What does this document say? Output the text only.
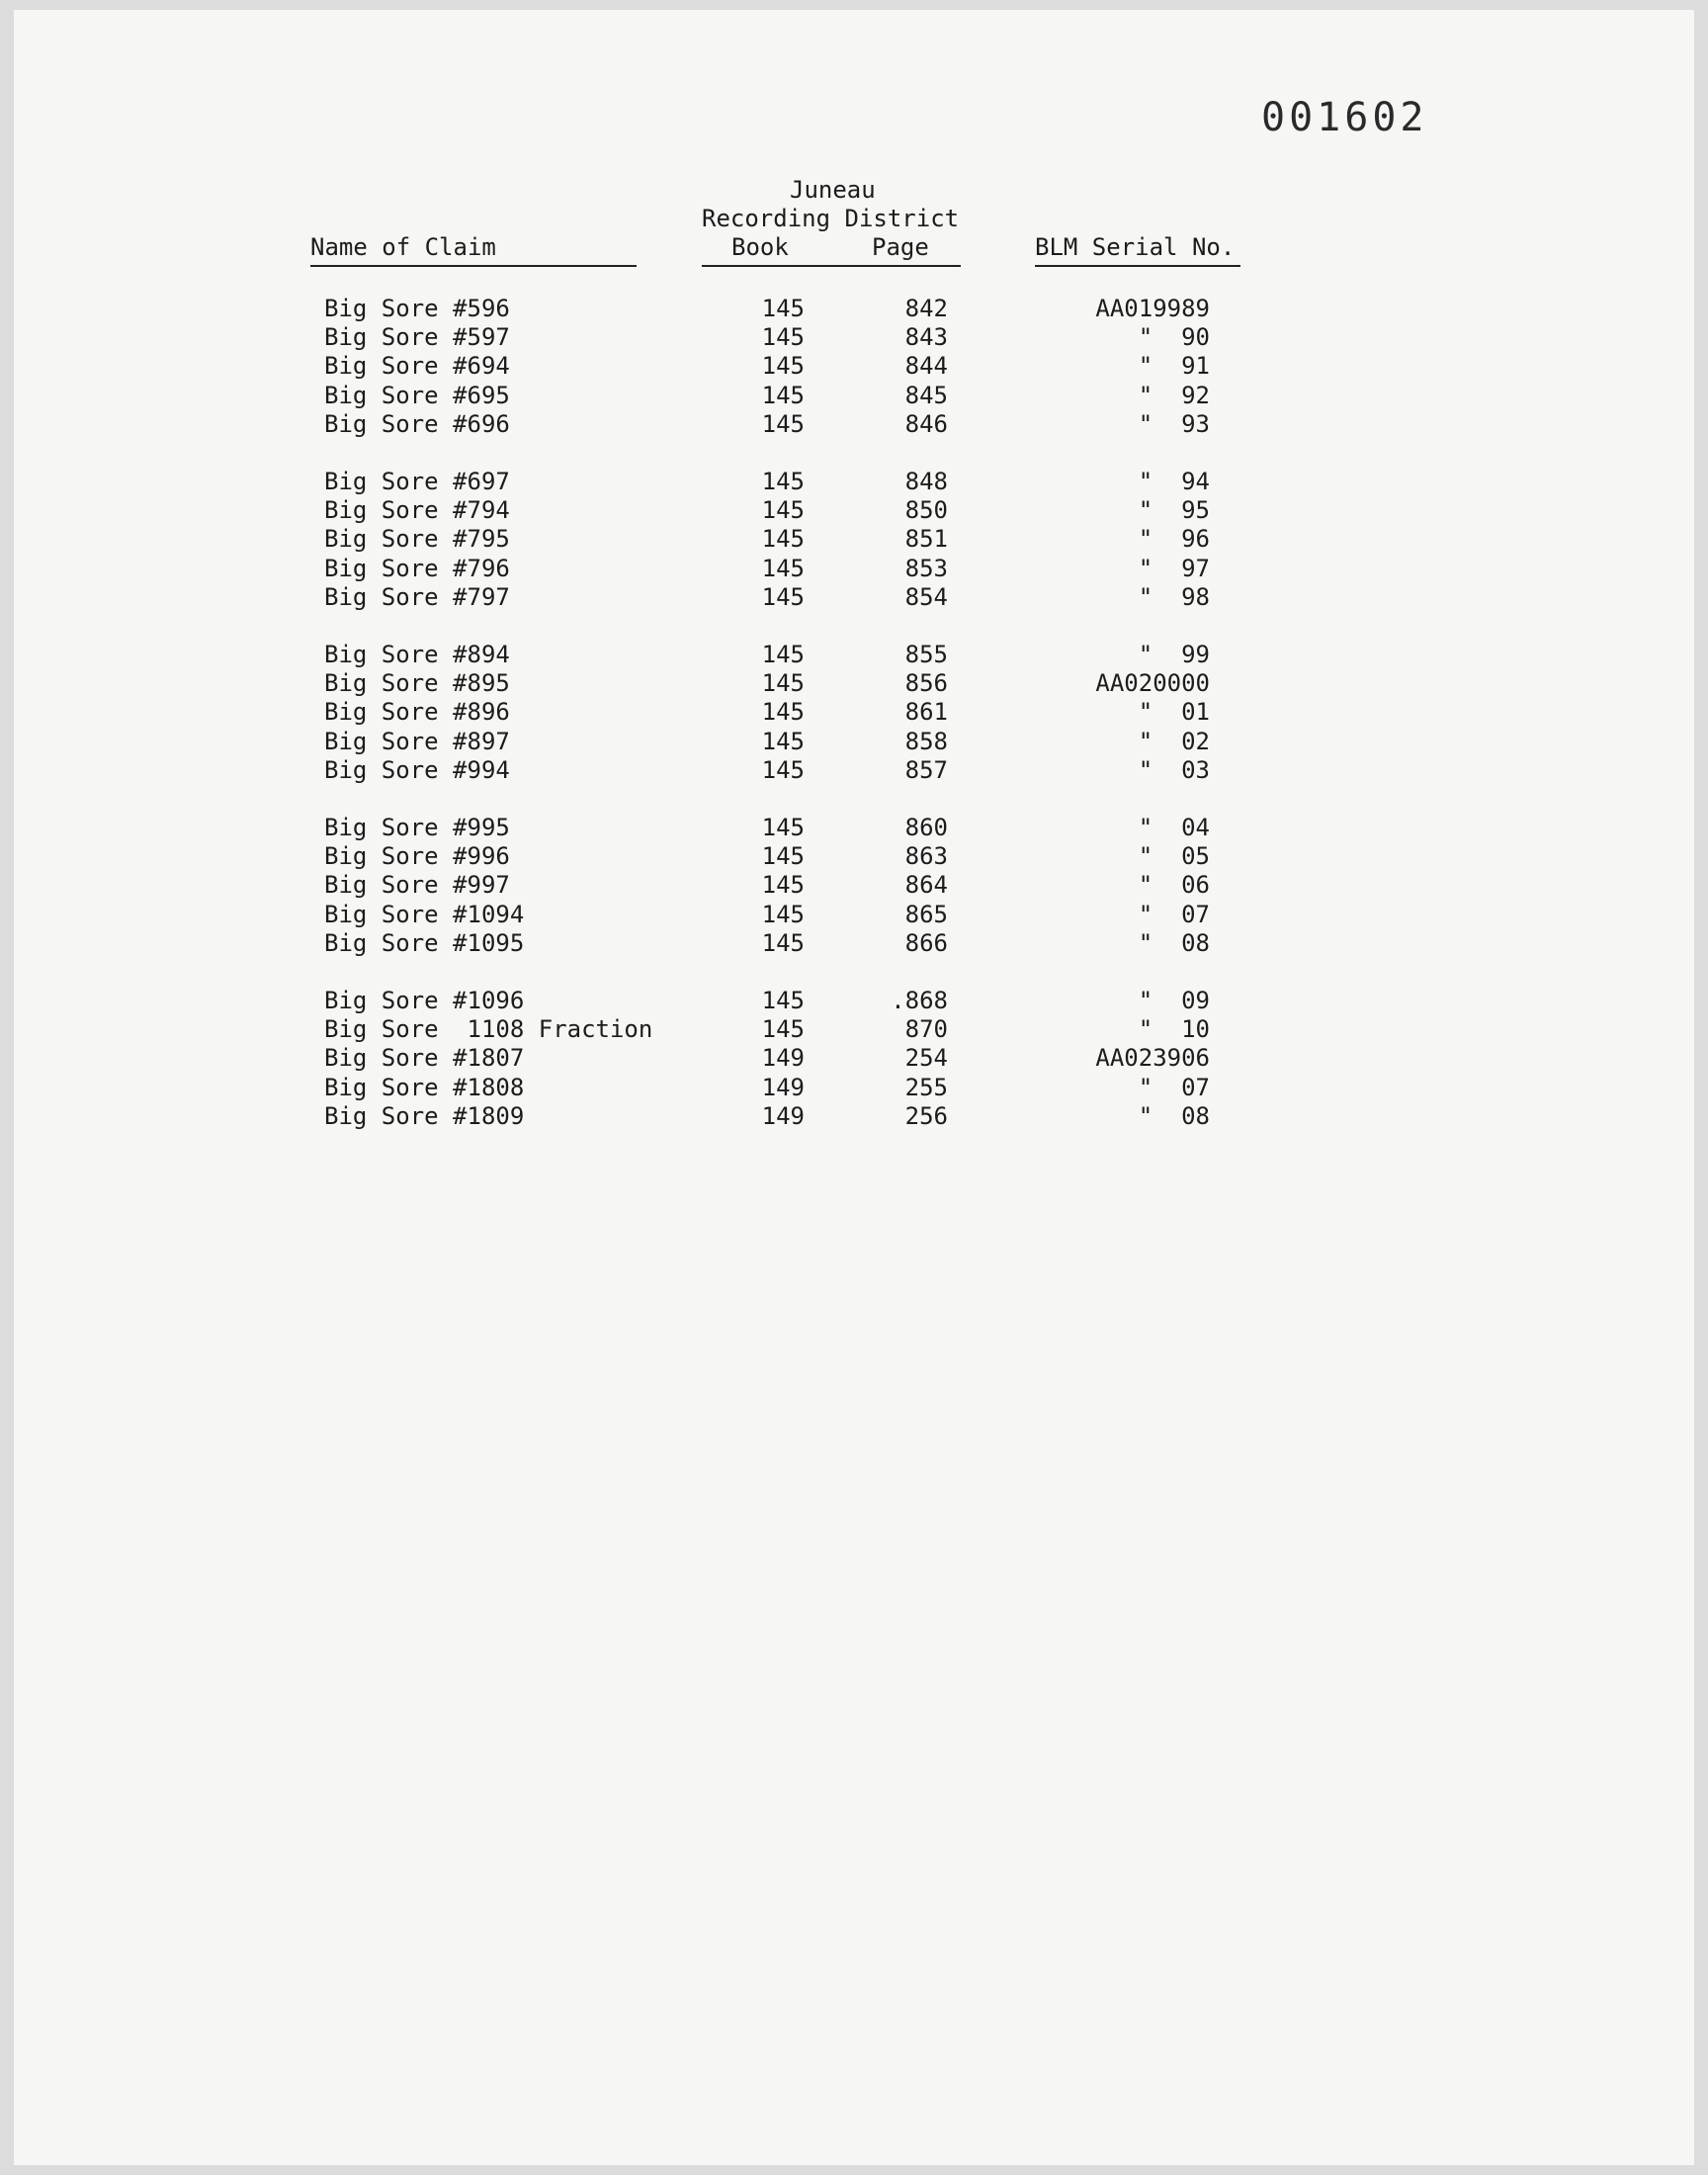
001602
Juneau
Recording District
Name of Claim	Book	Page	BLM Serial No.
Big Sore #596	145	842	AA019989
Big Sore #597	145	843	"  90
Big Sore #694	145	844	"  91
Big Sore #695	145	845	"  92
Big Sore #696	145	846	"  93
Big Sore #697	145	848	"  94
Big Sore #794	145	850	"  95
Big Sore #795	145	851	"  96
Big Sore #796	145	853	"  97
Big Sore #797	145	854	"  98
Big Sore #894	145	855	"  99
Big Sore #895	145	856	AA020000
Big Sore #896	145	861	"  01
Big Sore #897	145	858	"  02
Big Sore #994	145	857	"  03
Big Sore #995	145	860	"  04
Big Sore #996	145	863	"  05
Big Sore #997	145	864	"  06
Big Sore #1094	145	865	"  07
Big Sore #1095	145	866	"  08
Big Sore #1096	145	.868	"  09
Big Sore  1108 Fraction	145	870	"  10
Big Sore #1807	149	254	AA023906
Big Sore #1808	149	255	"  07
Big Sore #1809	149	256	"  08
